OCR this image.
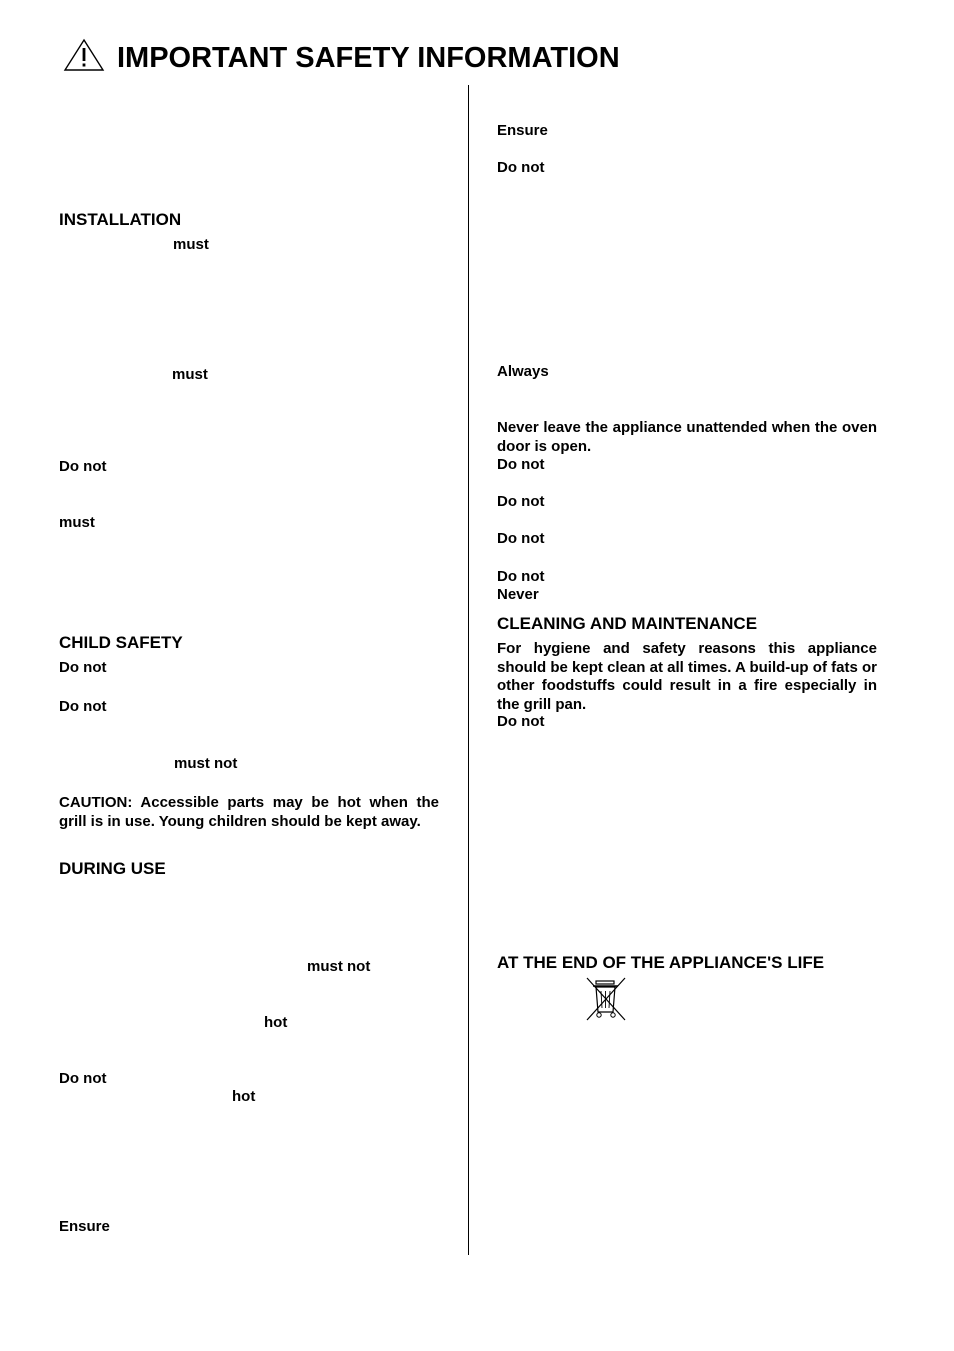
IMPORTANT SAFETY INFORMATION
INSTALLATION
must
must
Do not
must
CHILD SAFETY
Do not
Do not
must not
CAUTION: Accessible parts may be hot when the grill is in use. Young children should be kept away.
DURING USE
must not
hot
Do not
hot
Ensure
Ensure
Do not
Always
Never leave the appliance unattended when the oven door is open.
Do not
Do not
Do not
Do not
Never
CLEANING AND MAINTENANCE
For hygiene and safety reasons this appliance should be kept clean at all times. A build-up of fats or other foodstuffs could result in a fire especially in the grill pan.
Do not
AT THE END OF THE APPLIANCE'S LIFE
